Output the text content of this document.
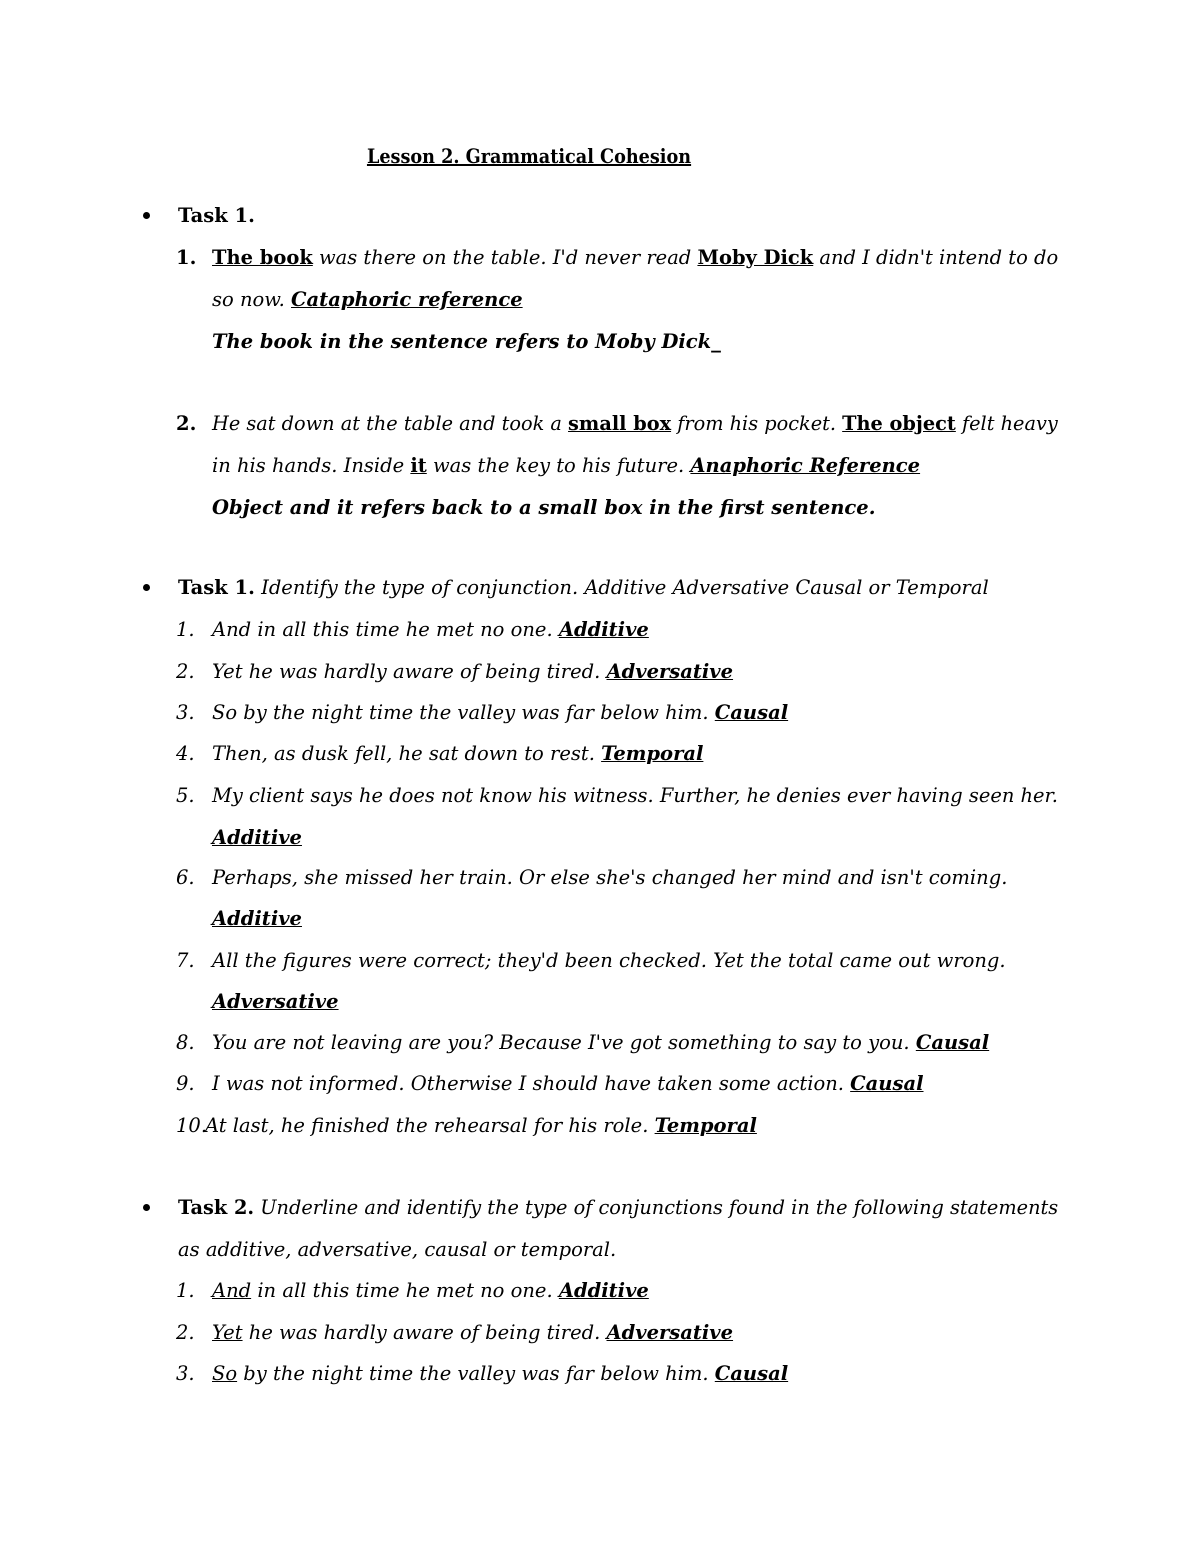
Lesson 2. Grammatical Cohesion
Task 1.
1. The book was there on the table. I'd never read Moby Dick and I didn't intend to do
so now. Cataphoric reference
The book in the sentence refers to Moby Dick_
2. He sat down at the table and took a small box from his pocket. The object felt heavy
in his hands. Inside it was the key to his future. Anaphoric Reference
Object and it refers back to a small box in the first sentence.
Task 1. Identify the type of conjunction. Additive Adversative Causal or Temporal
1. And in all this time he met no one. Additive
2. Yet he was hardly aware of being tired. Adversative
3. So by the night time the valley was far below him. Causal
4. Then, as dusk fell, he sat down to rest. Temporal
5. My client says he does not know his witness. Further, he denies ever having seen her.
Additive
6. Perhaps, she missed her train. Or else she's changed her mind and isn't coming.
Additive
7. All the figures were correct; they'd been checked. Yet the total came out wrong.
Adversative
8. You are not leaving are you? Because I've got something to say to you. Causal
9. I was not informed. Otherwise I should have taken some action. Causal
10.
At last, he finished the rehearsal for his role. Temporal
Task 2. Underline and identify the type of conjunctions found in the following statements
as additive, adversative, causal or temporal.
1. And in all this time he met no one. Additive
2. Yet he was hardly aware of being tired. Adversative
3. So by the night time the valley was far below him. Causal
